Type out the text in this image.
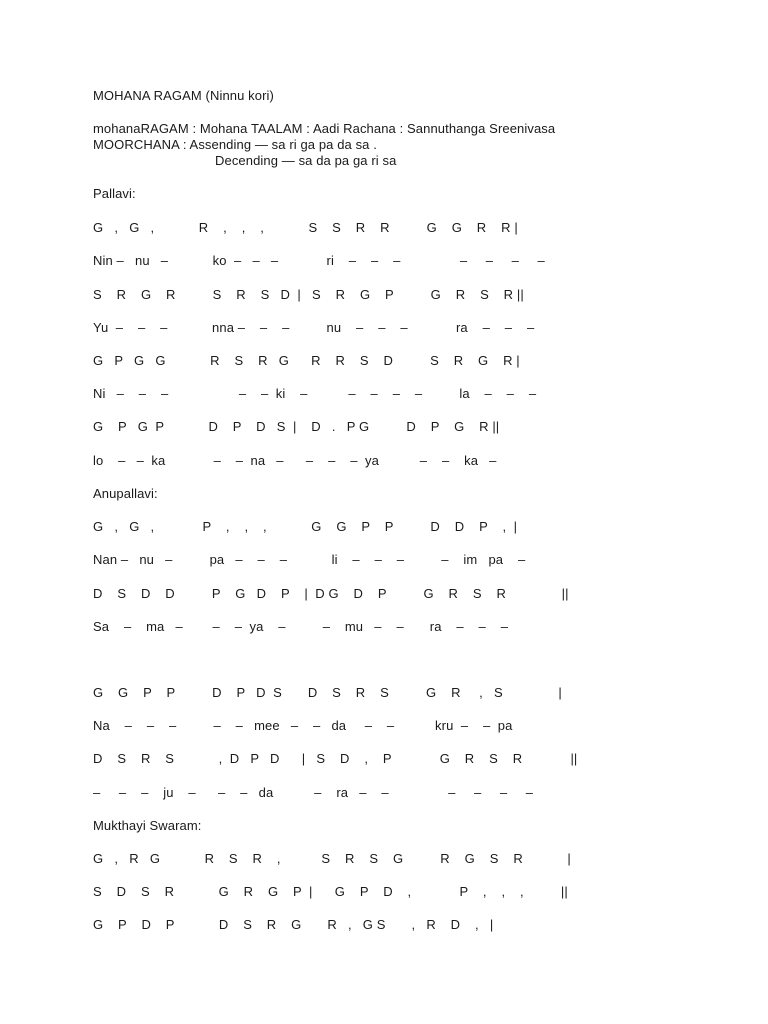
MOHANA RAGAM (Ninnu kori)
mohanaRAGAM : Mohana TAALAM : Aadi Rachana : Sannuthanga Sreenivasa
MOORCHANA : Assending — sa ri ga pa da sa .
Decending — sa da pa ga ri sa
Pallavi:
G   ,   G   ,            R    ,    ,    ,            S    S    R    R          G    G    R    R |
Nin –   nu   –            ko  –   –   –             ri    –    –    –                –     –     –     –
S    R    G    R          S    R    S   D  |   S    R    G    P          G    R    S    R ||
Yu  –    –    –            nna –    –    –          nu    –    –    –             ra    –    –    –
G   P   G   G            R    S    R   G      R    R    S    D          S    R    G    R |
Ni   –    –    –                   –    –  ki    –           –    –    –    –          la    –    –    –
G    P   G  P            D    P    D   S  |    D   .   P G          D    P    G    R ||
lo    –   –  ka             –    –  na   –      –    –    –  ya           –    –    ka   –
Anupallavi:
G   ,   G   ,             P    ,    ,    ,            G    G    P    P          D    D    P    ,  |
Nan –   nu   –          pa   –    –    –            li    –    –    –          –    im   pa    –
D    S    D    D          P    G   D    P    |  D G    D    P          G    R    S    R               ||
Sa    –    ma   –        –    –  ya    –          –    mu   –    –       ra    –    –    –
G    G    P    P          D    P   D  S       D    S    R    S          G    R     ,   S               |
Na    –    –    –          –    –   mee   –    –   da     –    –           kru  –    –  pa
D    S    R    S            ,  D   P   D      |   S    D    ,    P             G    R    S    R             ||
–     –    –    ju    –      –    –   da           –    ra   –    –                –     –     –     –
Mukthayi Swaram:
G   ,   R   G            R    S    R    ,           S    R    S    G          R    G    S    R            |
S    D    S    R            G    R    G    P  |      G    P    D    ,             P    ,    ,    ,          ||
G    P    D    P            D    S    R    G       R   ,   G S       ,   R    D    ,   |
